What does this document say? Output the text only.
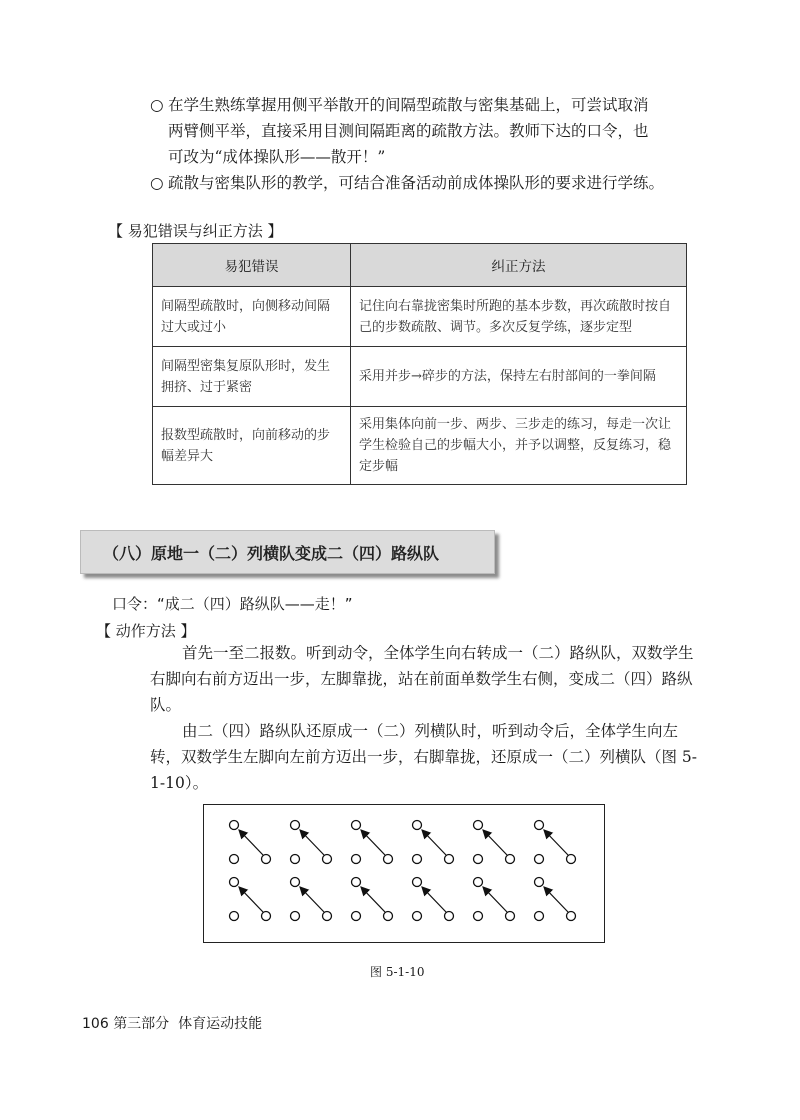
○ 在学生熟练掌握用侧平举散开的间隔型疏散与密集基础上，可尝试取消
两臂侧平举，直接采用目测间隔距离的疏散方法。教师下达的口令，也
可改为“成体操队形——散开！”
○ 疏散与密集队形的教学，可结合准备活动前成体操队形的要求进行学练。
【 易犯错误与纠正方法 】
易犯错误	纠正方法
间隔型疏散时，向侧移动间隔过大或过小	记住向右靠拢密集时所跑的基本步数，再次疏散时按自己的步数疏散、调节。多次反复学练，逐步定型
间隔型密集复原队形时，发生拥挤、过于紧密	采用并步→碎步的方法，保持左右肘部间的一拳间隔
报数型疏散时，向前移动的步幅差异大	采用集体向前一步、两步、三步走的练习，每走一次让学生检验自己的步幅大小，并予以调整，反复练习，稳定步幅
（八）原地一（二）列横队变成二（四）路纵队
口令：“成二（四）路纵队——走！”
【 动作方法 】
首先一至二报数。听到动令，全体学生向右转成一（二）路纵队，双数学生右脚向右前方迈出一步，左脚靠拢，站在前面单数学生右侧，变成二（四）路纵队。
由二（四）路纵队还原成一（二）列横队时，听到动令后，全体学生向左转，双数学生左脚向左前方迈出一步，右脚靠拢，还原成一（二）列横队（图 5-1-10）。
图 5-1-10
106 第三部分 体育运动技能
